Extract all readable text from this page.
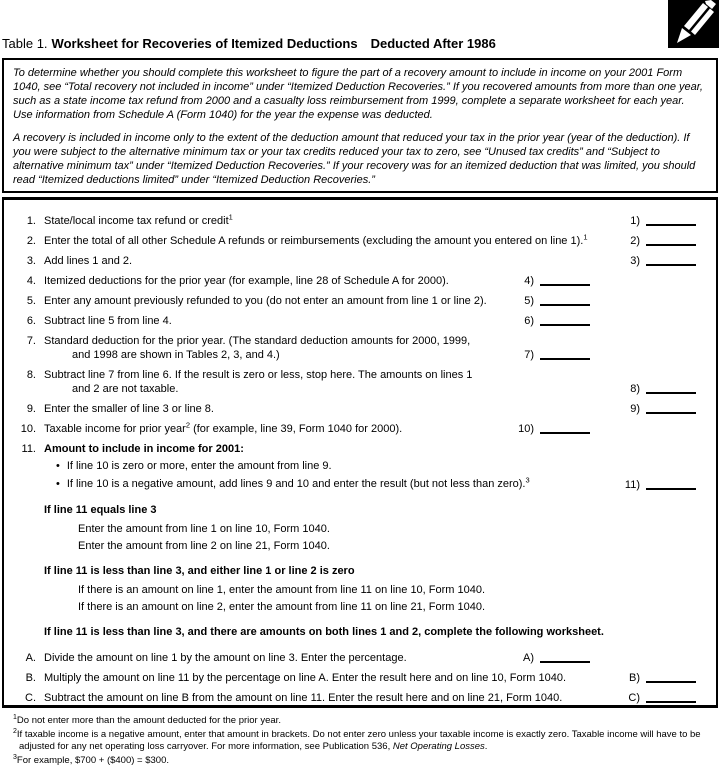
Table 1. Worksheet for Recoveries of Itemized Deductions Deducted After 1986

To determine whether you should complete this worksheet to figure the part of a recovery amount to include in income on your 2001 Form 1040, see “Total recovery not included in income” under “Itemized Deduction Recoveries.” If you recovered amounts from more than one year, such as a state income tax refund from 2000 and a casualty loss reimbursement from 1999, complete a separate worksheet for each year. Use information from Schedule A (Form 1040) for the year the expense was deducted.

A recovery is included in income only to the extent of the deduction amount that reduced your tax in the prior year (year of the deduction). If you were subject to the alternative minimum tax or your tax credits reduced your tax to zero, see “Unused tax credits” and “Subject to alternative minimum tax” under “Itemized Deduction Recoveries.” If your recovery was for an itemized deduction that was limited, you should read “Itemized deductions limited” under “Itemized Deduction Recoveries.”

1. State/local income tax refund or credit$^1$	1)
2. Enter the total of all other Schedule A refunds or reimbursements (excluding the amount you entered on line 1).$^1$	2)
3. Add lines 1 and 2.	3)
4. Itemized deductions for the prior year (for example, line 28 of Schedule A for 2000).	4)
5. Enter any amount previously refunded to you (do not enter an amount from line 1 or line 2).	5)
6. Subtract line 5 from line 4.	6)
7. Standard deduction for the prior year. (The standard deduction amounts for 2000, 1999,
and 1998 are shown in Tables 2, 3, and 4.)	7)
8. Subtract line 7 from line 6. If the result is zero or less, stop here. The amounts on lines 1
and 2 are not taxable.	8)
9. Enter the smaller of line 3 or line 8.	9)
10. Taxable income for prior year$^2$ (for example, line 39, Form 1040 for 2000).	10)
11. Amount to include in income for 2001:
• If line 10 is zero or more, enter the amount from line 9.
• If line 10 is a negative amount, add lines 9 and 10 and enter the result (but not less than zero).$^3$	11)
If line 11 equals line 3
Enter the amount from line 1 on line 10, Form 1040.
Enter the amount from line 2 on line 21, Form 1040.
If line 11 is less than line 3, and either line 1 or line 2 is zero
If there is an amount on line 1, enter the amount from line 11 on line 10, Form 1040.
If there is an amount on line 2, enter the amount from line 11 on line 21, Form 1040.
If line 11 is less than line 3, and there are amounts on both lines 1 and 2, complete the following worksheet.
A. Divide the amount on line 1 by the amount on line 3. Enter the percentage.	A)
B. Multiply the amount on line 11 by the percentage on line A. Enter the result here and on line 10, Form 1040.	B)
C. Subtract the amount on line B from the amount on line 11. Enter the result here and on line 21, Form 1040.	C)
$^1$Do not enter more than the amount deducted for the prior year.
$^2$If taxable income is a negative amount, enter that amount in brackets. Do not enter zero unless your taxable income is exactly zero. Taxable income will have to be adjusted for any net operating loss carryover. For more information, see Publication 536, Net Operating Losses.
$^3$For example, $700 + ($400) = $300.
